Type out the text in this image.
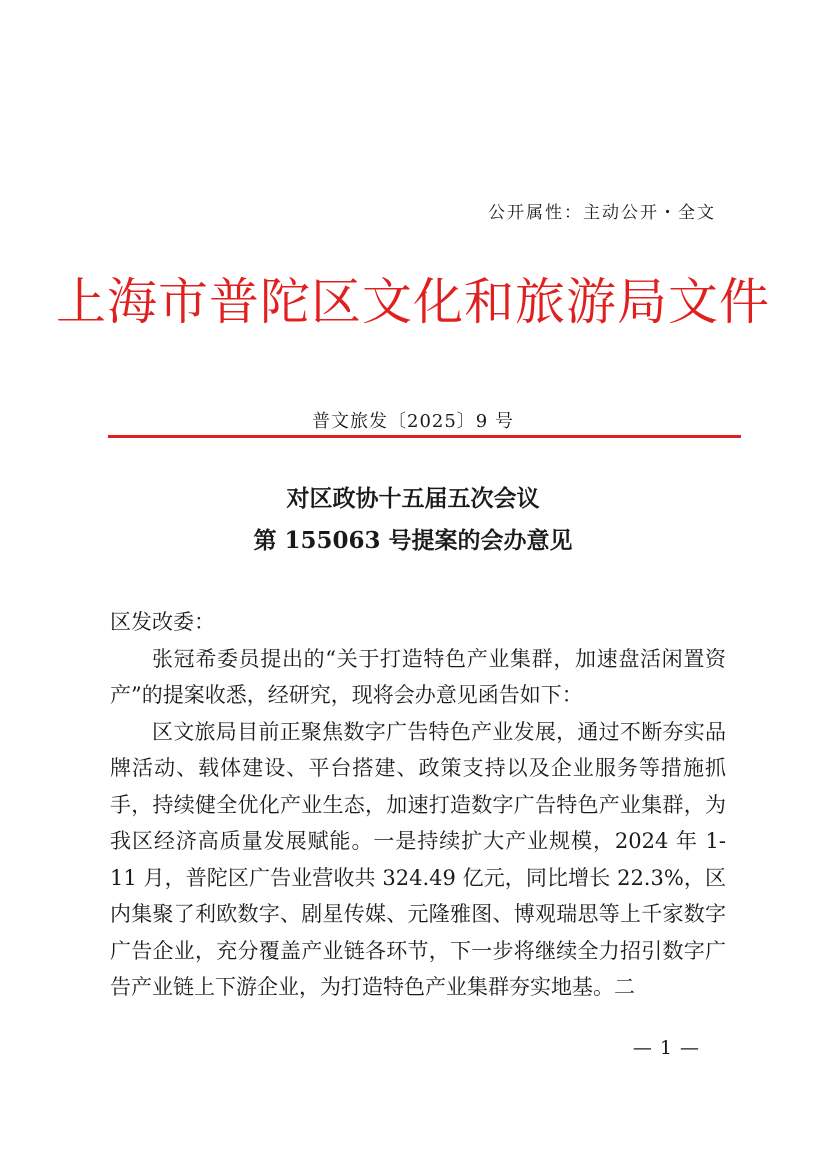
公开属性：主动公开・全文
上海市普陀区文化和旅游局文件
普文旅发〔2025〕9 号
对区政协十五届五次会议
第 155063 号提案的会办意见

区发改委：

张冠希委员提出的“关于打造特色产业集群，加速盘活闲置资产”的提案收悉，经研究，现将会办意见函告如下：

区文旅局目前正聚焦数字广告特色产业发展，通过不断夯实品牌活动、载体建设、平台搭建、政策支持以及企业服务等措施抓手，持续健全优化产业生态，加速打造数字广告特色产业集群，为我区经济高质量发展赋能。一是持续扩大产业规模，2024 年 1-11 月，普陀区广告业营收共 324.49 亿元，同比增长 22.3%，区内集聚了利欧数字、剧星传媒、元隆雅图、博观瑞思等上千家数字广告企业，充分覆盖产业链各环节，下一步将继续全力招引数字广告产业链上下游企业，为打造特色产业集群夯实地基。二

— 1 —
